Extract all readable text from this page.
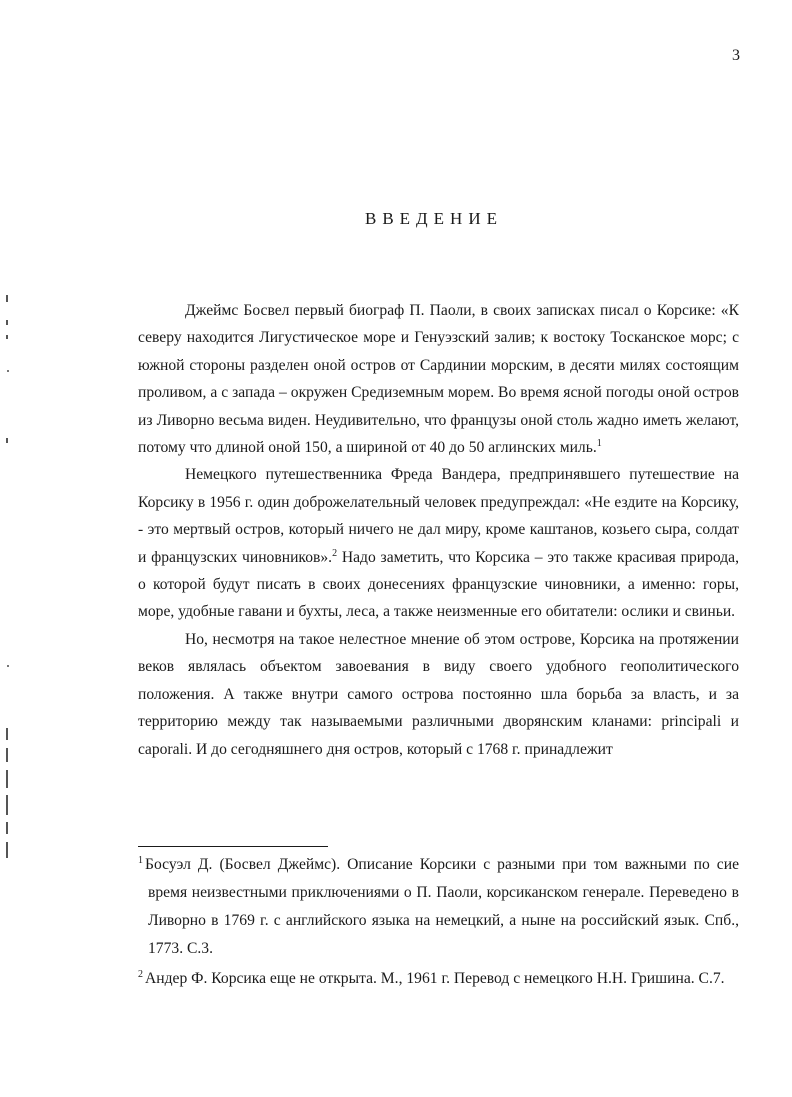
3
ВВЕДЕНИЕ

Джеймс Босвел первый биограф П. Паоли, в своих записках писал о Корсике: «К северу находится Лигустическое море и Генуэзский залив; к востоку Тосканское морс; с южной стороны разделен оной остров от Сардинии морским, в десяти милях состоящим проливом, а с запада – окружен Средиземным морем. Во время ясной погоды оной остров из Ливорно весьма виден. Неудивительно, что французы оной столь жадно иметь желают, потому что длиной оной 150, а шириной от 40 до 50 аглинских миль.$^1$

Немецкого путешественника Фреда Вандера, предпринявшего путешествие на Корсику в 1956 г. один доброжелательный человек предупреждал: «Не ездите на Корсику, - это мертвый остров, который ничего не дал миру, кроме каштанов, козьего сыра, солдат и французских чиновников».$^2$ Надо заметить, что Корсика – это также красивая природа, о которой будут писать в своих донесениях французские чиновники, а именно: горы, море, удобные гавани и бухты, леса, а также неизменные его обитатели: ослики и свиньи.

Но, несмотря на такое нелестное мнение об этом острове, Корсика на протяжении веков являлась объектом завоевания в виду своего удобного геополитического положения. А также внутри самого острова постоянно шла борьба за власть, и за территорию между так называемыми различными дворянским кланами: principali и caporali. И до сегодняшнего дня остров, который с 1768 г. принадлежит

$^1$ Босуэл Д. (Босвел Джеймс). Описание Корсики с разными при том важными по сие время неизвестными приключениями о П. Паоли, корсиканском генерале. Переведено в Ливорно в 1769 г. с английского языка на немецкий, а ныне на российский язык. Спб., 1773. С.3.

$^2$ Андер Ф. Корсика еще не открыта. М., 1961 г. Перевод с немецкого Н.Н. Гришина. С.7.
